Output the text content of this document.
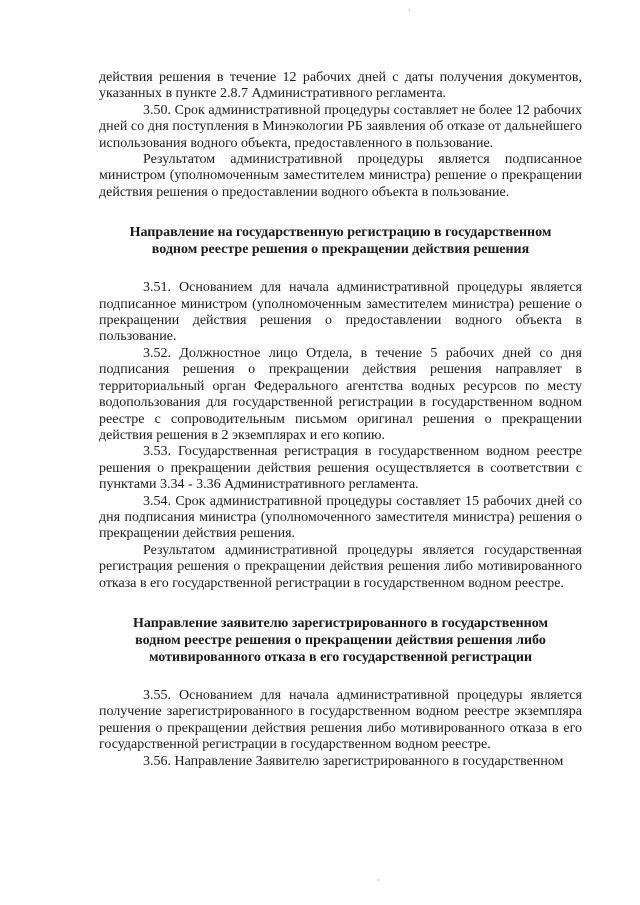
·
·

действия решения в течение 12 рабочих дней с даты получения документов, указанных в пункте 2.8.7 Административного регламента.

3.50. Срок административной процедуры составляет не более 12 рабочих дней со дня поступления в Минэкологии РБ заявления об отказе от дальнейшего использования водного объекта, предоставленного в пользование.

Результатом административной процедуры является подписанное министром (уполномоченным заместителем министра) решение о прекращении действия решения о предоставлении водного объекта в пользование.

Направление на государственную регистрацию в государственном водном реестре решения о прекращении действия решения

3.51. Основанием для начала административной процедуры является подписанное министром (уполномоченным заместителем министра) решение о прекращении действия решения о предоставлении водного объекта в пользование.

3.52. Должностное лицо Отдела, в течение 5 рабочих дней со дня подписания решения о прекращении действия решения направляет в территориальный орган Федерального агентства водных ресурсов по месту водопользования для государственной регистрации в государственном водном реестре с сопроводительным письмом оригинал решения о прекращении действия решения в 2 экземплярах и его копию.

3.53. Государственная регистрация в государственном водном реестре решения о прекращении действия решения осуществляется в соответствии с пунктами 3.34 - 3.36 Административного регламента.

3.54. Срок административной процедуры составляет 15 рабочих дней со дня подписания министра (уполномоченного заместителя министра) решения о прекращении действия решения.

Результатом административной процедуры является государственная регистрация решения о прекращении действия решения либо мотивированного отказа в его государственной регистрации в государственном водном реестре.

Направление заявителю зарегистрированного в государственном водном реестре решения о прекращении действия решения либо мотивированного отказа в его государственной регистрации

3.55. Основанием для начала административной процедуры является получение зарегистрированного в государственном водном реестре экземпляра решения о прекращении действия решения либо мотивированного отказа в его государственной регистрации в государственном водном реестре.

3.56. Направление Заявителю зарегистрированного в государственном
